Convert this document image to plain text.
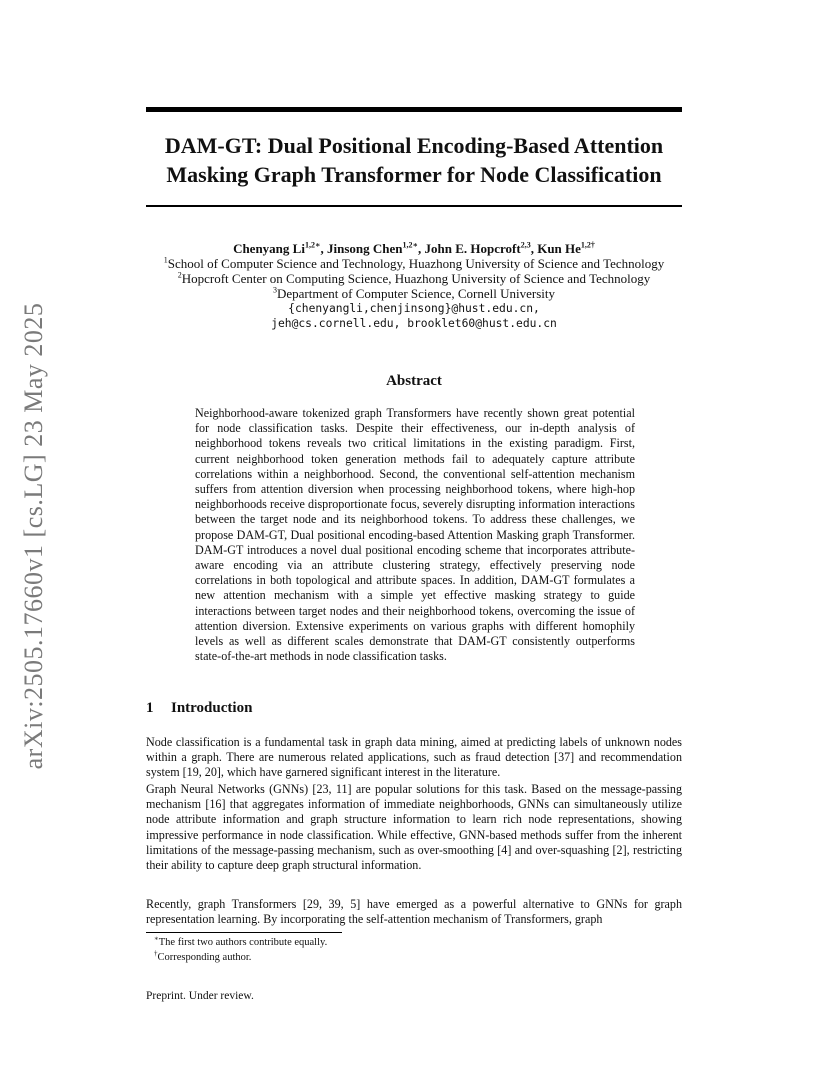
arXiv:2505.17660v1 [cs.LG] 23 May 2025
DAM-GT: Dual Positional Encoding-Based Attention
Masking Graph Transformer for Node Classification
Chenyang $Li^{1,2∗}$, Jinsong Chen$^{1,2∗}$, John E. Hopcroft$^{2,3}$, Kun $He^{1,2\dagger}$
$^1$School of Computer Science and Technology, Huazhong University of Science and Technology
$^2$Hopcroft Center on Computing Science, Huazhong University of Science and Technology
$^3$Department of Computer Science, Cornell University
{chenyangli,chenjinsong}@hust.edu.cn,
jeh@cs.cornell.edu, brooklet60@hust.edu.cn
Abstract

Neighborhood-aware tokenized graph Transformers have recently shown great potential for node classification tasks. Despite their effectiveness, our in-depth analysis of neighborhood tokens reveals two critical limitations in the existing paradigm. First, current neighborhood token generation methods fail to adequately capture attribute correlations within a neighborhood. Second, the conventional self-attention mechanism suffers from attention diversion when processing neighborhood tokens, where high-hop neighborhoods receive disproportionate focus, severely disrupting information interactions between the target node and its neighborhood tokens. To address these challenges, we propose DAM-GT, Dual positional encoding-based Attention Masking graph Transformer. DAM-GT introduces a novel dual positional encoding scheme that incorporates attribute-aware encoding via an attribute clustering strategy, effectively preserving node correlations in both topological and attribute spaces. In addition, DAM-GT formulates a new attention mechanism with a simple yet effective masking strategy to guide interactions between target nodes and their neighborhood tokens, overcoming the issue of attention diversion. Extensive experiments on various graphs with different homophily levels as well as different scales demonstrate that DAM-GT consistently outperforms state-of-the-art methods in node classification tasks.

1 Introduction

Node classification is a fundamental task in graph data mining, aimed at predicting labels of unknown nodes within a graph. There are numerous related applications, such as fraud detection [37] and recommendation system [19, 20], which have garnered significant interest in the literature.

Graph Neural Networks (GNNs) [23, 11] are popular solutions for this task. Based on the message-passing mechanism [16] that aggregates information of immediate neighborhoods, GNNs can simultaneously utilize node attribute information and graph structure information to learn rich node representations, showing impressive performance in node classification. While effective, GNN-based methods suffer from the inherent limitations of the message-passing mechanism, such as over-smoothing [4] and over-squashing [2], restricting their ability to capture deep graph structural information.

Recently, graph Transformers [29, 39, 5] have emerged as a powerful alternative to GNNs for graph representation learning. By incorporating the self-attention mechanism of Transformers, graph

∗The first two authors contribute equally.
†Corresponding author.
Preprint. Under review.
